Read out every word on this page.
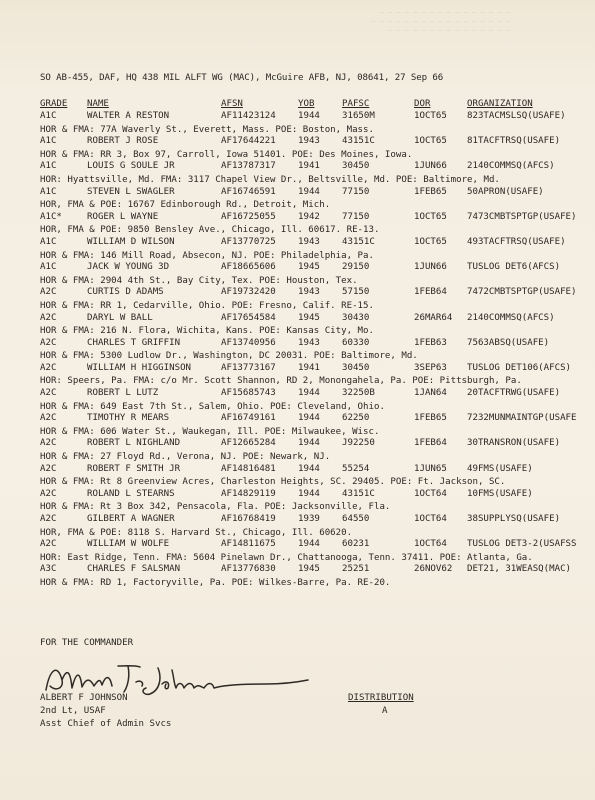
— — — — — — — — — — — — — — — —
— — — — — — — — — — — — — — — — —
— — — — — — — — — — — — — — —
SO AB-455, DAF, HQ 438 MIL ALFT WG (MAC), McGuire AFB, NJ, 08641, 27 Sep 66
GRADE NAME	AFSN	YOB	PAFSC	DOR	ORGANIZATION
A1C	WALTER A RESTON	AF11423124 1944 31650M	1OCT65 823TACMSLSQ(USAFE)
HOR & FMA: 77A Waverly St., Everett, Mass. POE: Boston, Mass.
A1C	ROBERT J ROSE	AF17644221 1943 43151C	1OCT65 81TACFTRSQ(USAFE)
HOR & FMA: RR 3, Box 97, Carroll, Iowa 51401. POE: Des Moines, Iowa.
A1C	LOUIS G SOULE JR	AF13787317 1941 30450	1JUN66 2140COMMSQ(AFCS)
HOR: Hyattsville, Md. FMA: 3117 Chapel View Dr., Beltsville, Md. POE: Baltimore, Md.
A1C	STEVEN L SWAGLER	AF16746591 1944 77150	1FEB65 50APRON(USAFE)
HOR, FMA & POE: 16767 Edinborough Rd., Detroit, Mich.
A1C*	ROGER L WAYNE	AF16725055 1942 77150	1OCT65 7473CMBTSPTGP(USAFE)
HOR, FMA & POE: 9850 Bensley Ave., Chicago, Ill. 60617. RE-13.
A1C	WILLIAM D WILSON	AF13770725 1943 43151C	1OCT65 493TACFTRSQ(USAFE)
HOR & FMA: 146 Mill Road, Absecon, NJ. POE: Philadelphia, Pa.
A1C	JACK W YOUNG 3D	AF18665606 1945 29150	1JUN66 TUSLOG DET6(AFCS)
HOR & FMA: 2904 4th St., Bay City, Tex. POE: Houston, Tex.
A2C	CURTIS D ADAMS	AF19732420 1943 57150	1FEB64 7472CMBTSPTGP(USAFE)
HOR & FMA: RR 1, Cedarville, Ohio. POE: Fresno, Calif. RE-15.
A2C	DARYL W BALL	AF17654584 1945 30430	26MAR64 2140COMMSQ(AFCS)
HOR & FMA: 216 N. Flora, Wichita, Kans. POE: Kansas City, Mo.
A2C	CHARLES T GRIFFIN	AF13740956 1943 60330	1FEB63 7563ABSQ(USAFE)
HOR & FMA: 5300 Ludlow Dr., Washington, DC 20031. POE: Baltimore, Md.
A2C	WILLIAM H HIGGINSON	AF13773167 1941 30450	3SEP63 TUSLOG DET106(AFCS)
HOR: Speers, Pa. FMA: c/o Mr. Scott Shannon, RD 2, Monongahela, Pa. POE: Pittsburgh, Pa.
A2C	ROBERT L LUTZ	AF15685743 1944 32250B	1JAN64 20TACFTRWG(USAFE)
HOR & FMA: 649 East 7th St., Salem, Ohio. POE: Cleveland, Ohio.
A2C	TIMOTHY R MEARS	AF16749161 1944 62250	1FEB65 7232MUNMAINTGP(USAFE
HOR & FMA: 606 Water St., Waukegan, Ill. POE: Milwaukee, Wisc.
A2C	ROBERT L NIGHLAND	AF12665284 1944 J92250	1FEB64 30TRANSRON(USAFE)
HOR & FMA: 27 Floyd Rd., Verona, NJ. POE: Newark, NJ.
A2C	ROBERT F SMITH JR	AF14816481 1944 55254	1JUN65 49FMS(USAFE)
HOR & FMA: Rt 8 Greenview Acres, Charleston Heights, SC. 29405. POE: Ft. Jackson, SC.
A2C	ROLAND L STEARNS	AF14829119 1944 43151C	1OCT64 10FMS(USAFE)
HOR & FMA: Rt 3 Box 342, Pensacola, Fla. POE: Jacksonville, Fla.
A2C	GILBERT A WAGNER	AF16768419 1939 64550	1OCT64 38SUPPLYSQ(USAFE)
HOR, FMA & POE: 8118 S. Harvard St., Chicago, Ill. 60620.
A2C	WILLIAM W WOLFE	AF14811675 1944 60231	1OCT64 TUSLOG DET3-2(USAFSS
HOR: East Ridge, Tenn. FMA: 5604 Pinelawn Dr., Chattanooga, Tenn. 37411. POE: Atlanta, Ga.
A3C	CHARLES F SALSMAN	AF13776830 1945 25251	26NOV62 DET21, 31WEASQ(MAC)
HOR & FMA: RD 1, Factoryville, Pa. POE: Wilkes-Barre, Pa. RE-20.
FOR THE COMMANDER
ALBERT F JOHNSON
2nd Lt, USAF
Asst Chief of Admin Svcs
DISTRIBUTION
A
